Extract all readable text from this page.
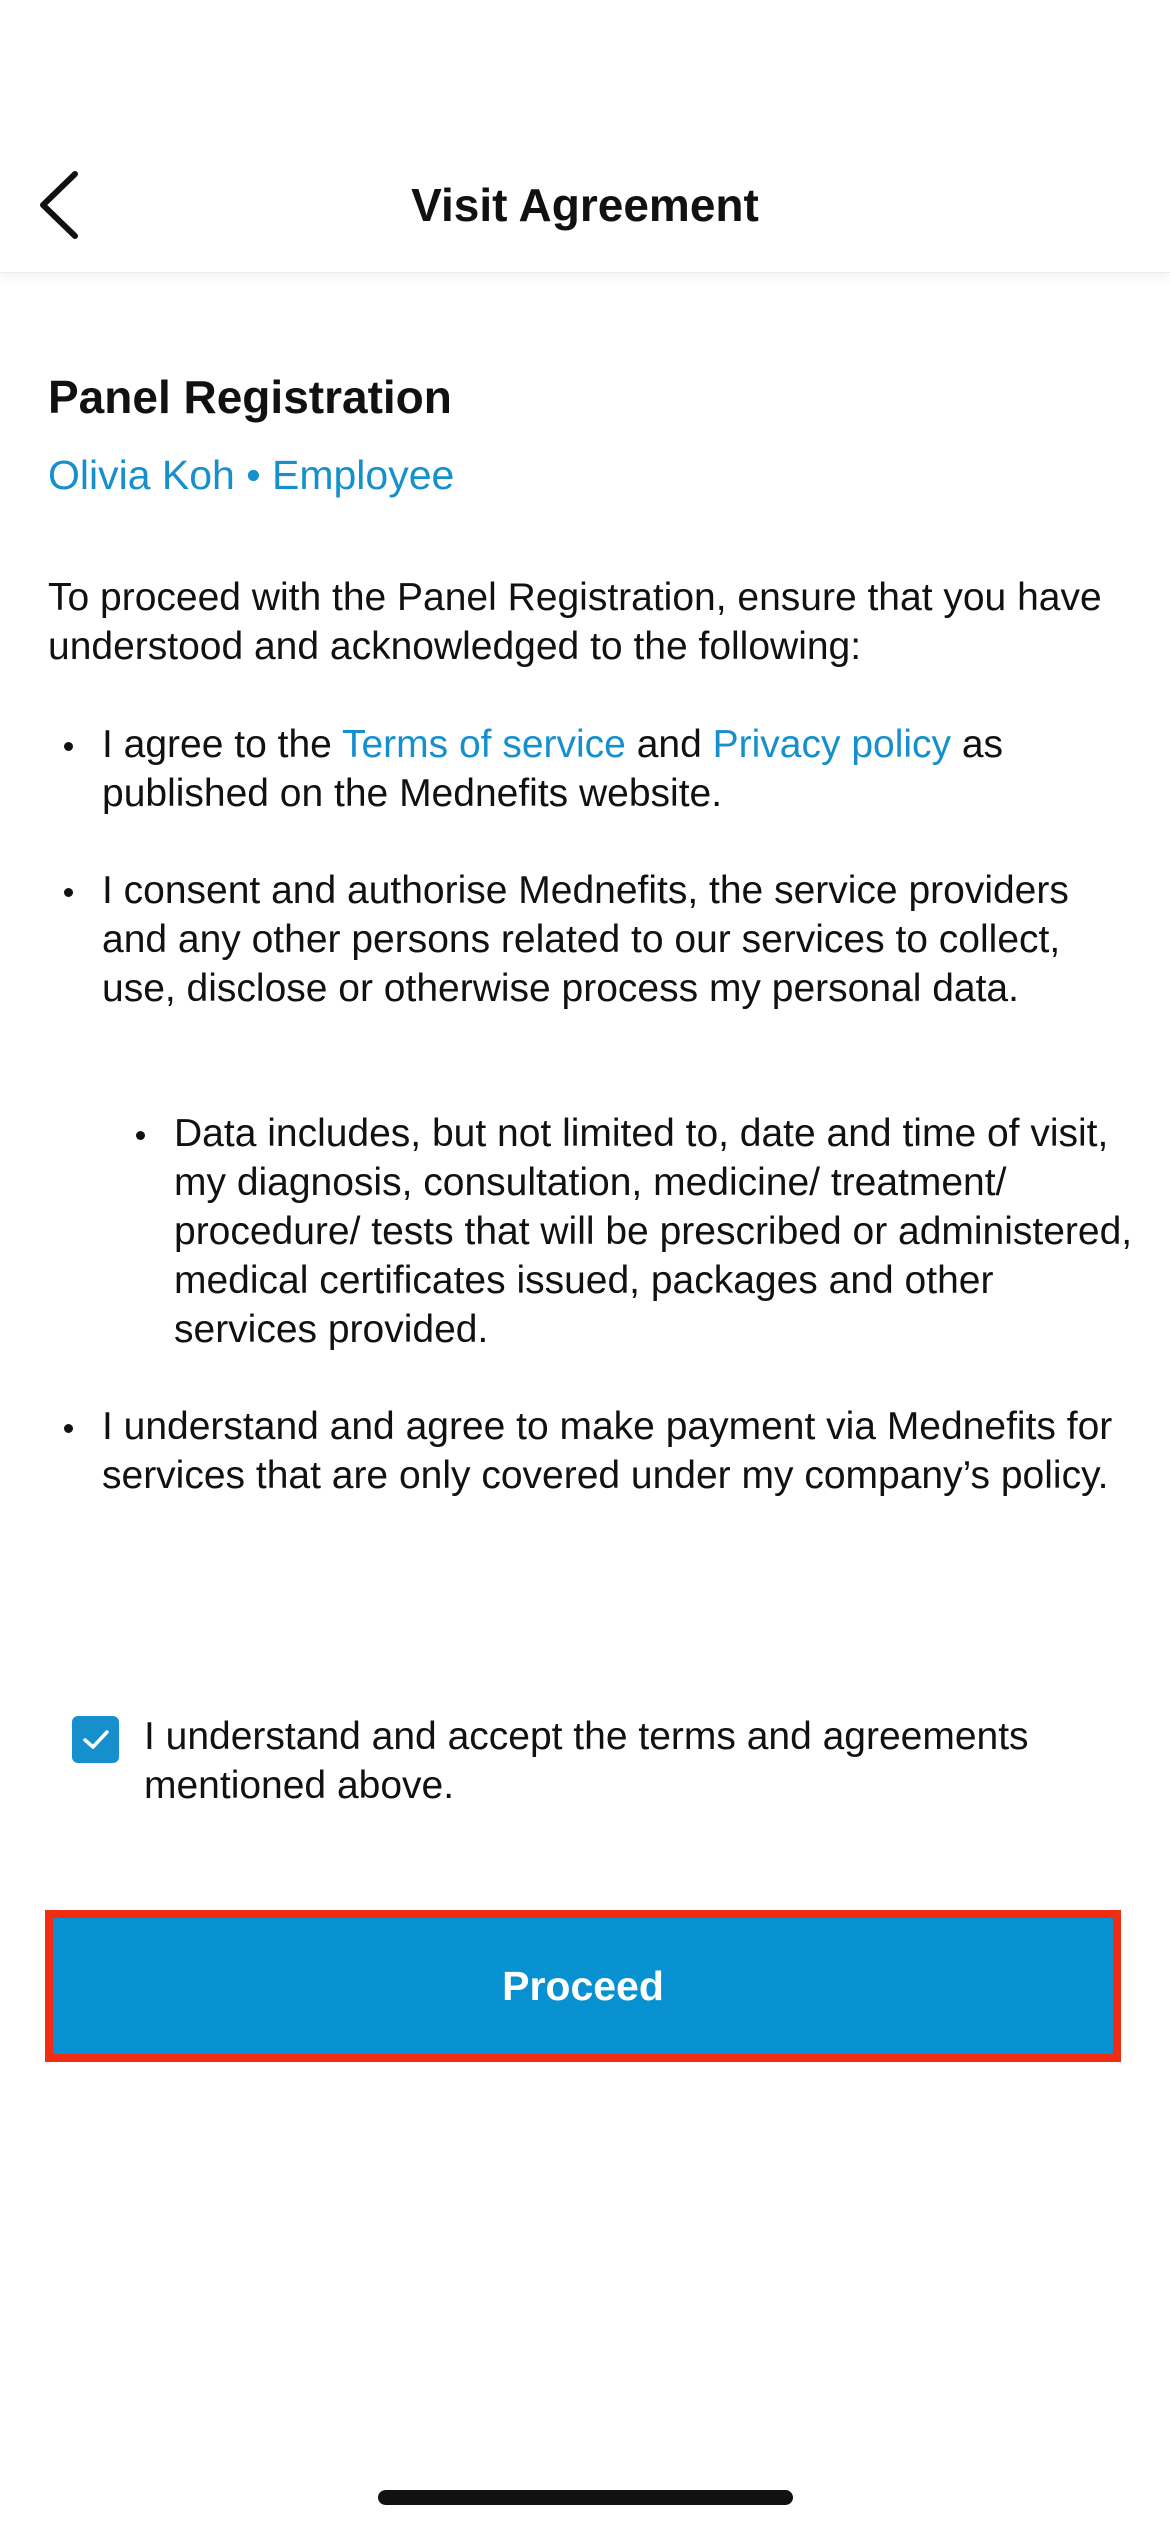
Visit Agreement
Panel Registration
Olivia Koh • Employee
To proceed with the Panel Registration, ensure that you have understood and acknowledged to the following:
I agree to the Terms of service and Privacy policy as published on the Mednefits website.
I consent and authorise Mednefits, the service providers and any other persons related to our services to collect, use, disclose or otherwise process my personal data.
Data includes, but not limited to, date and time of visit, my diagnosis, consultation, medicine/ treatment/ procedure/ tests that will be prescribed or administered, medical certificates issued, packages and other services provided.
I understand and agree to make payment via Mednefits for services that are only covered under my company’s policy.
I understand and accept the terms and agreements mentioned above.
Proceed
